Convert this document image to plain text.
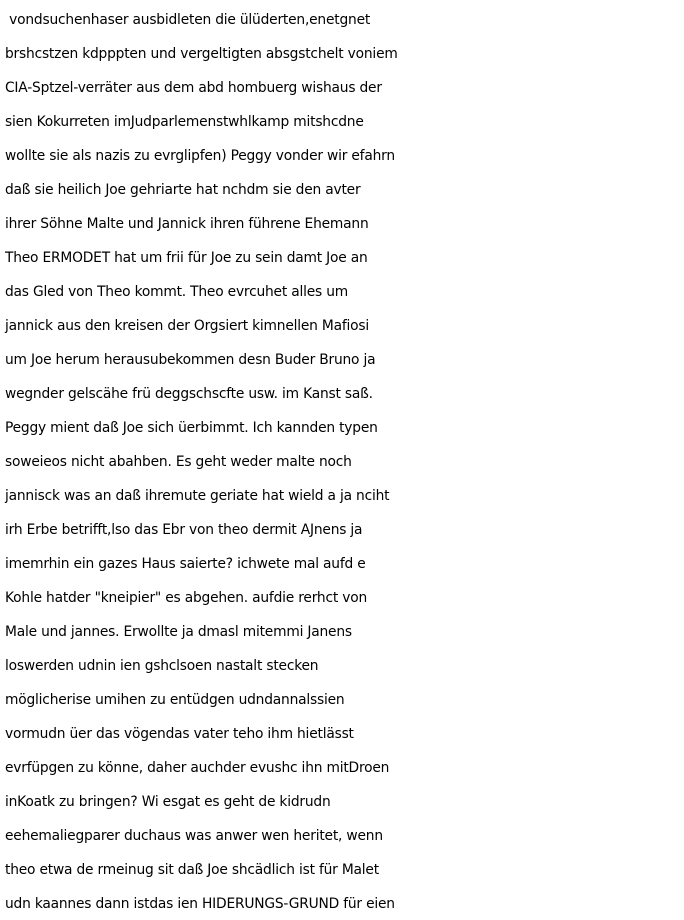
vondsuchenhaser ausbidleten die ülüderten,enetgnet
brshcstzen kdpppten und vergeltigten absgstchelt voniem
CIA-Sptzel-verräter aus dem abd hombuerg wishaus der
sien Kokurreten imJudparlemenstwhlkamp mitshcdne
wollte sie als nazis zu evrglipfen) Peggy vonder wir efahrn
daß sie heilich Joe gehriarte hat nchdm sie den avter
ihrer Söhne Malte und Jannick ihren führene Ehemann
Theo ERMODET hat um frii für Joe zu sein damt Joe an
das Gled von Theo kommt. Theo evrcuhet alles um
jannick aus den kreisen der Orgsiert kimnellen Mafiosi
um Joe herum herausubekommen desn Buder Bruno ja
wegnder gelscähe frü deggschscfte usw. im Kanst saß.
Peggy mient daß Joe sich üerbimmt. Ich kannden typen
soweieos nicht abahben. Es geht weder malte noch
jannisck was an daß ihremute geriate hat wield a ja nciht
irh Erbe betrifft,lso das Ebr von theo dermit AJnens ja
imemrhin ein gazes Haus saierte? ichwete mal aufd e
Kohle hatder "kneipier" es abgehen. aufdie rerhct von
Male und jannes. Erwollte ja dmasl mitemmi Janens
loswerden udnin ien gshclsoen nastalt stecken
möglicherise umihen zu entüdgen udndannalssien
vormudn üer das vögendas vater teho ihm hietlässt
evrfüpgen zu könne, daher auchder evushc ihn mitDroen
inKoatk zu bringen? Wi esgat es geht de kidrudn
eehemaliegparer duchaus was anwer wen heritet, wenn
theo etwa de rmeinug sit daß Joe shcädlich ist für Malet
udn kaannes dann istdas ien HIDERUNGS-GRUND für eien
